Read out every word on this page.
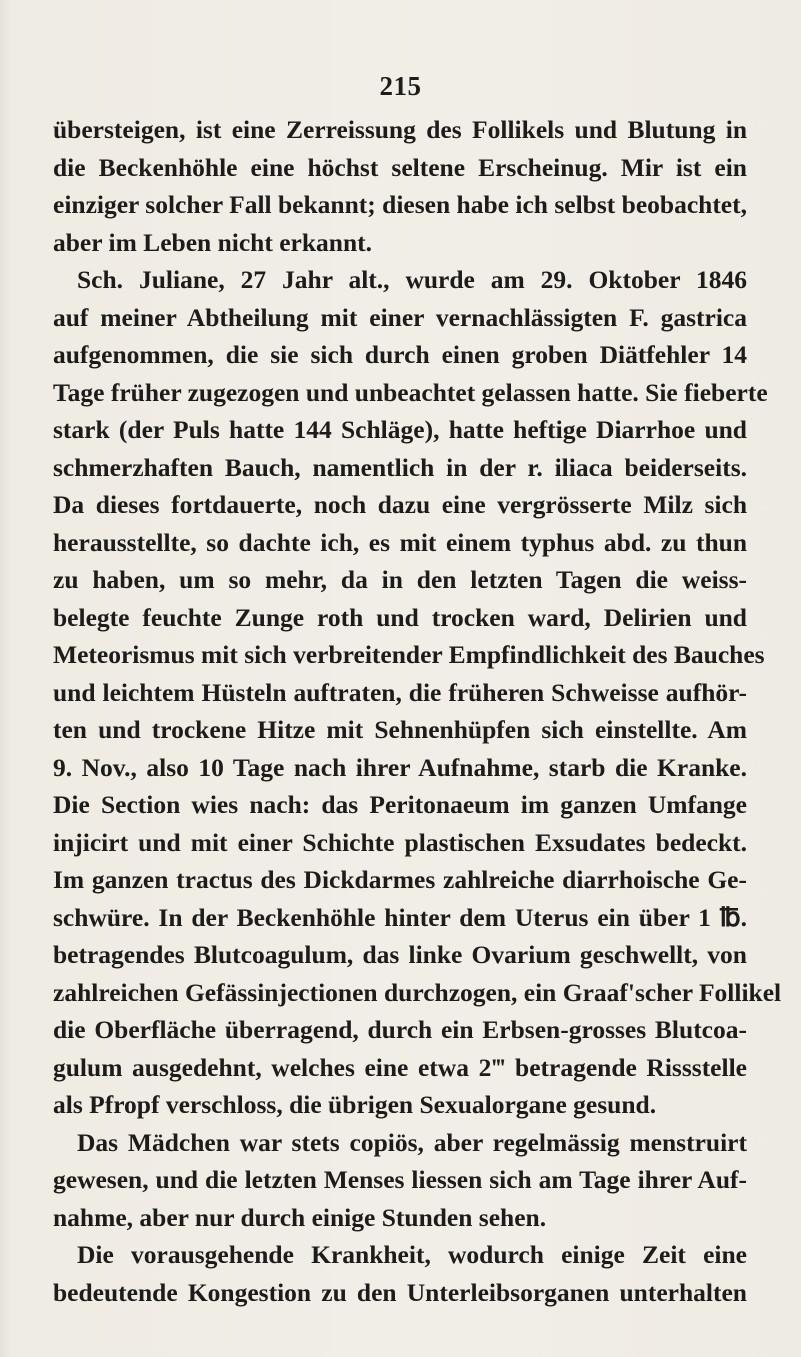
215
übersteigen, ist eine Zerreissung des Follikels und Blutung in
die Beckenhöhle eine höchst seltene Erscheinug. Mir ist ein
einziger solcher Fall bekannt; diesen habe ich selbst beobachtet,
aber im Leben nicht erkannt.
Sch. Juliane, 27 Jahr alt., wurde am 29. Oktober 1846
auf meiner Abtheilung mit einer vernachlässigten F. gastrica
aufgenommen, die sie sich durch einen groben Diätfehler 14
Tage früher zugezogen und unbeachtet gelassen hatte. Sie fieberte
stark (der Puls hatte 144 Schläge), hatte heftige Diarrhoe und
schmerzhaften Bauch, namentlich in der r. iliaca beiderseits.
Da dieses fortdauerte, noch dazu eine vergrösserte Milz sich
herausstellte, so dachte ich, es mit einem typhus abd. zu thun
zu haben, um so mehr, da in den letzten Tagen die weiss-
belegte feuchte Zunge roth und trocken ward, Delirien und
Meteorismus mit sich verbreitender Empfindlichkeit des Bauches
und leichtem Hüsteln auftraten, die früheren Schweisse aufhör-
ten und trockene Hitze mit Sehnenhüpfen sich einstellte. Am
9. Nov., also 10 Tage nach ihrer Aufnahme, starb die Kranke.
Die Section wies nach: das Peritonaeum im ganzen Umfange
injicirt und mit einer Schichte plastischen Exsudates bedeckt.
Im ganzen tractus des Dickdarmes zahlreiche diarrhoische Ge-
schwüre. In der Beckenhöhle hinter dem Uterus ein über 1 ℔.
betragendes Blutcoagulum, das linke Ovarium geschwellt, von
zahlreichen Gefässinjectionen durchzogen, ein Graaf'scher Follikel
die Oberfläche überragend, durch ein Erbsen-grosses Blutcoa-
gulum ausgedehnt, welches eine etwa 2‴ betragende Rissstelle
als Pfropf verschloss, die übrigen Sexualorgane gesund.
Das Mädchen war stets copiös, aber regelmässig menstruirt
gewesen, und die letzten Menses liessen sich am Tage ihrer Auf-
nahme, aber nur durch einige Stunden sehen.
Die vorausgehende Krankheit, wodurch einige Zeit eine
bedeutende Kongestion zu den Unterleibsorganen unterhalten
